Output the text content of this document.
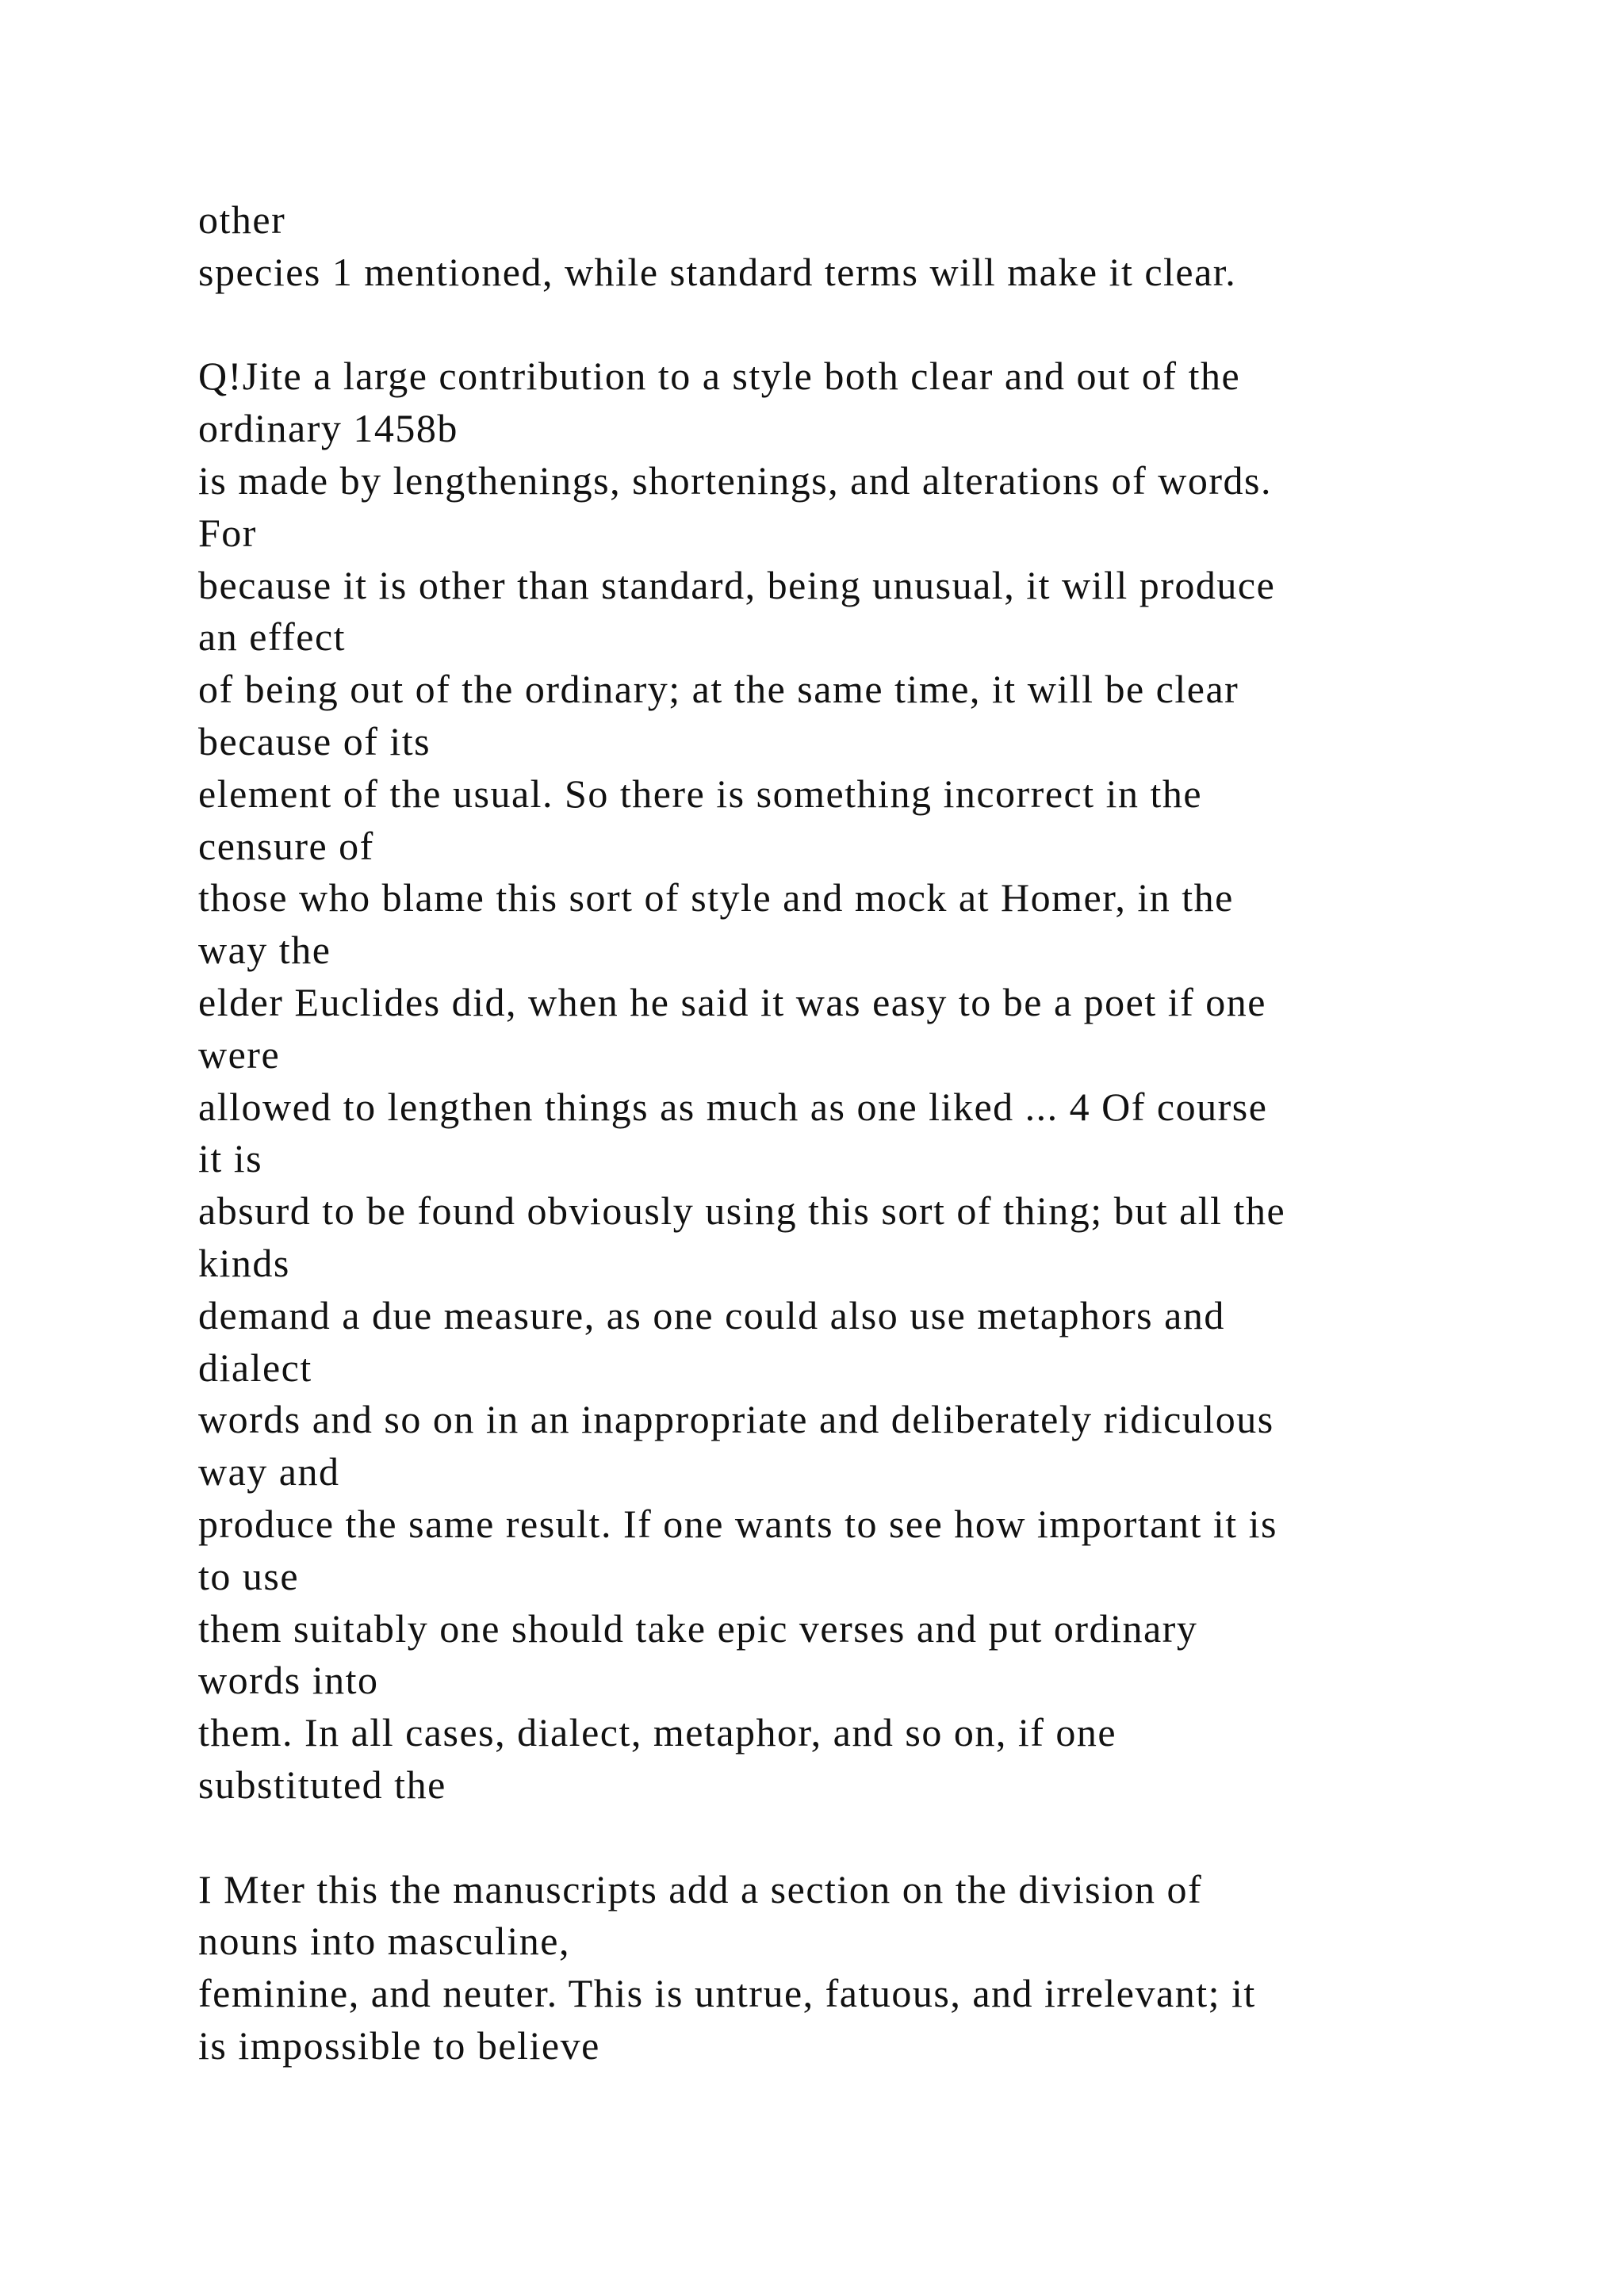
other
species 1 mentioned, while standard terms will make it clear.
Q!Jite a large contribution to a style both clear and out of the
ordinary 1458b
is made by lengthenings, shortenings, and alterations of words.
For
because it is other than standard, being unusual, it will produce
an effect
of being out of the ordinary; at the same time, it will be clear
because of its
element of the usual. So there is something incorrect in the
censure of
those who blame this sort of style and mock at Homer, in the
way the
elder Euclides did, when he said it was easy to be a poet if one
were
allowed to lengthen things as much as one liked ... 4 Of course
it is
absurd to be found obviously using this sort of thing; but all the
kinds
demand a due measure, as one could also use metaphors and
dialect
words and so on in an inappropriate and deliberately ridiculous
way and
produce the same result. If one wants to see how important it is
to use
them suitably one should take epic verses and put ordinary
words into
them. In all cases, dialect, metaphor, and so on, if one
substituted the
I Mter this the manuscripts add a section on the division of
nouns into masculine,
feminine, and neuter. This is untrue, fatuous, and irrelevant; it
is impossible to believe
